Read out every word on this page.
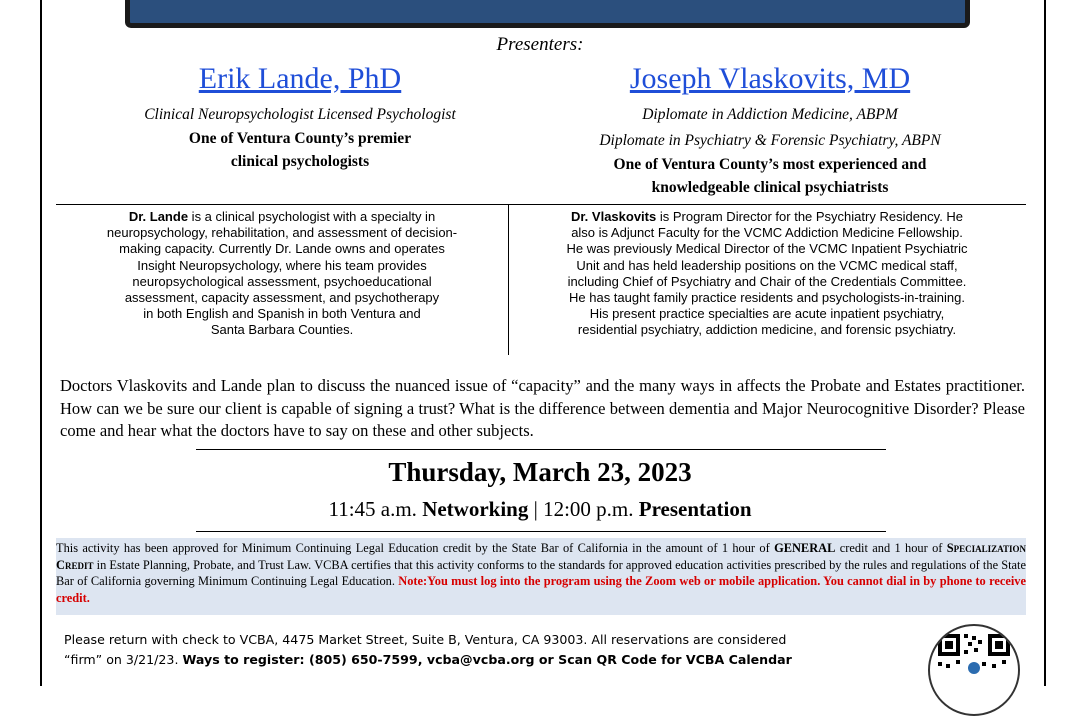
Presenters:
Erik Lande, PhD
Clinical Neuropsychologist Licensed Psychologist
One of Ventura County’s premier
clinical psychologists
Joseph Vlaskovits, MD
Diplomate in Addiction Medicine, ABPM
Diplomate in Psychiatry & Forensic Psychiatry, ABPN
One of Ventura County’s most experienced and
knowledgeable clinical psychiatrists
Dr. Lande is a clinical psychologist with a specialty in
neuropsychology, rehabilitation, and assessment of decision-
making capacity. Currently Dr. Lande owns and operates
Insight Neuropsychology, where his team provides
neuropsychological assessment, psychoeducational
assessment, capacity assessment, and psychotherapy
in both English and Spanish in both Ventura and
Santa Barbara Counties.
Dr. Vlaskovits is Program Director for the Psychiatry Residency. He
also is Adjunct Faculty for the VCMC Addiction Medicine Fellowship.
He was previously Medical Director of the VCMC Inpatient Psychiatric
Unit and has held leadership positions on the VCMC medical staff,
including Chief of Psychiatry and Chair of the Credentials Committee.
He has taught family practice residents and psychologists-in-training.
His present practice specialties are acute inpatient psychiatry,
residential psychiatry, addiction medicine, and forensic psychiatry.
Doctors Vlaskovits and Lande plan to discuss the nuanced issue of “capacity” and the many ways in affects the Probate and Estates practitioner. How can we be sure our client is capable of signing a trust? What is the difference between dementia and Major Neurocognitive Disorder? Please come and hear what the doctors have to say on these and other subjects.
Thursday, March 23, 2023
11:45 a.m. Networking | 12:00 p.m. Presentation
This activity has been approved for Minimum Continuing Legal Education credit by the State Bar of California in the amount of 1 hour of GENERAL credit and 1 hour of Specialization Credit in Estate Planning, Probate, and Trust Law. VCBA certifies that this activity conforms to the standards for approved education activities prescribed by the rules and regulations of the State Bar of California governing Minimum Continuing Legal Education. Note:You must log into the program using the Zoom web or mobile application. You cannot dial in by phone to receive credit.
Please return with check to VCBA, 4475 Market Street, Suite B, Ventura, CA 93003. All reservations are considered
“firm” on 3/21/23. Ways to register: (805) 650-7599, vcba@vcba.org or Scan QR Code for VCBA Calendar
